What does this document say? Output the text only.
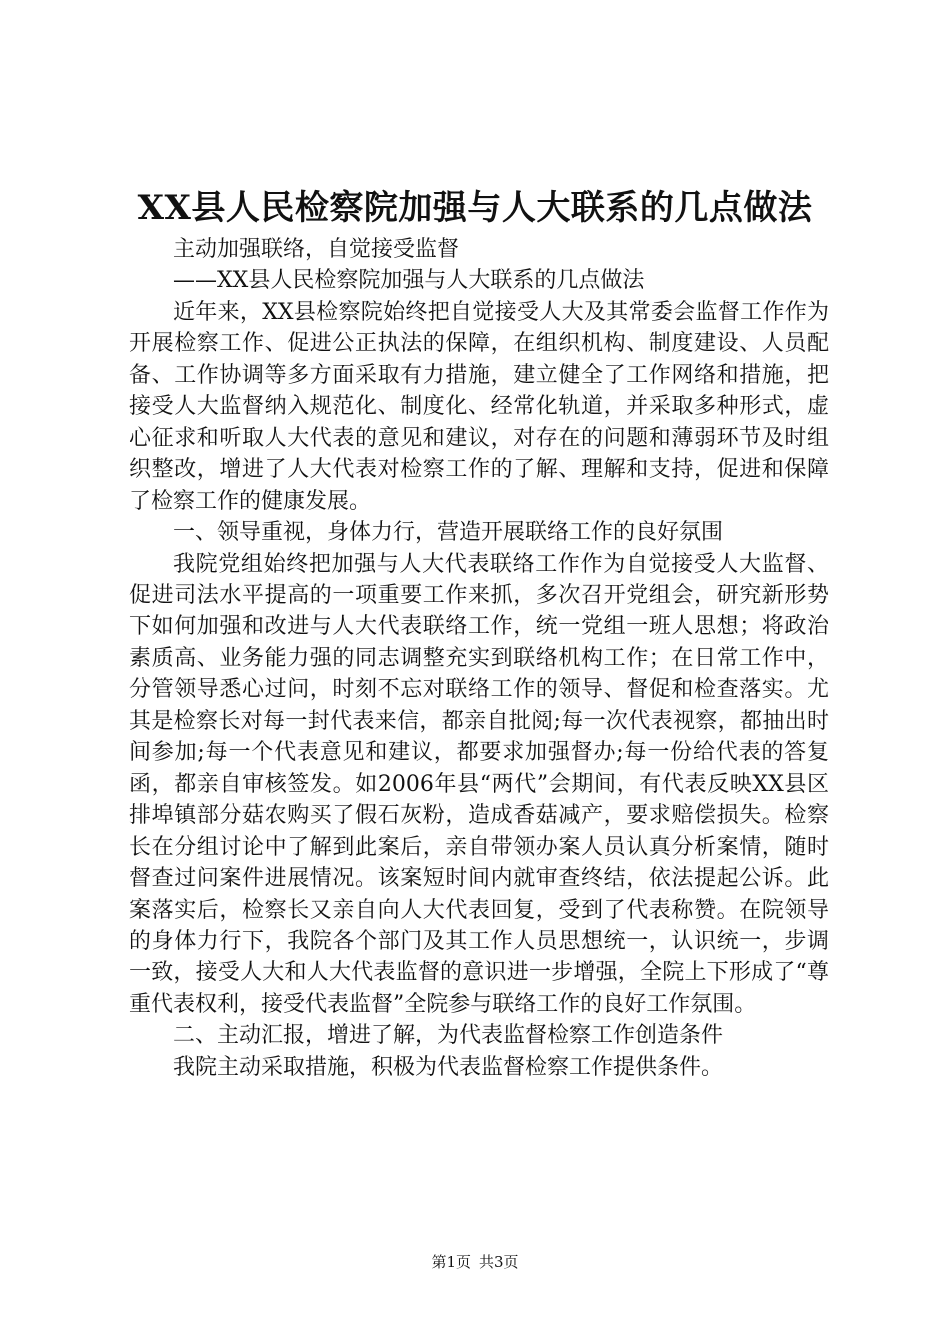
XX县人民检察院加强与人大联系的几点做法

主动加强联络，自觉接受监督

——XX县人民检察院加强与人大联系的几点做法

近年来，XX县检察院始终把自觉接受人大及其常委会监督工作作为开展检察工作、促进公正执法的保障，在组织机构、制度建设、人员配备、工作协调等多方面采取有力措施，建立健全了工作网络和措施，把接受人大监督纳入规范化、制度化、经常化轨道，并采取多种形式，虚心征求和听取人大代表的意见和建议，对存在的问题和薄弱环节及时组织整改，增进了人大代表对检察工作的了解、理解和支持，促进和保障了检察工作的健康发展。

一、领导重视，身体力行，营造开展联络工作的良好氛围

我院党组始终把加强与人大代表联络工作作为自觉接受人大监督、促进司法水平提高的一项重要工作来抓，多次召开党组会，研究新形势下如何加强和改进与人大代表联络工作，统一党组一班人思想；将政治素质高、业务能力强的同志调整充实到联络机构工作；在日常工作中，分管领导悉心过问，时刻不忘对联络工作的领导、督促和检查落实。尤其是检察长对每一封代表来信，都亲自批阅;每一次代表视察，都抽出时间参加;每一个代表意见和建议，都要求加强督办;每一份给代表的答复函，都亲自审核签发。如2006年县“两代”会期间，有代表反映XX县区排埠镇部分菇农购买了假石灰粉，造成香菇减产，要求赔偿损失。检察长在分组讨论中了解到此案后，亲自带领办案人员认真分析案情，随时督查过问案件进展情况。该案短时间内就审查终结，依法提起公诉。此案落实后，检察长又亲自向人大代表回复，受到了代表称赞。在院领导的身体力行下，我院各个部门及其工作人员思想统一，认识统一，步调一致，接受人大和人大代表监督的意识进一步增强，全院上下形成了“尊重代表权利，接受代表监督”全院参与联络工作的良好工作氛围。

二、主动汇报，增进了解，为代表监督检察工作创造条件

我院主动采取措施，积极为代表监督检察工作提供条件。

第1页 共3页
